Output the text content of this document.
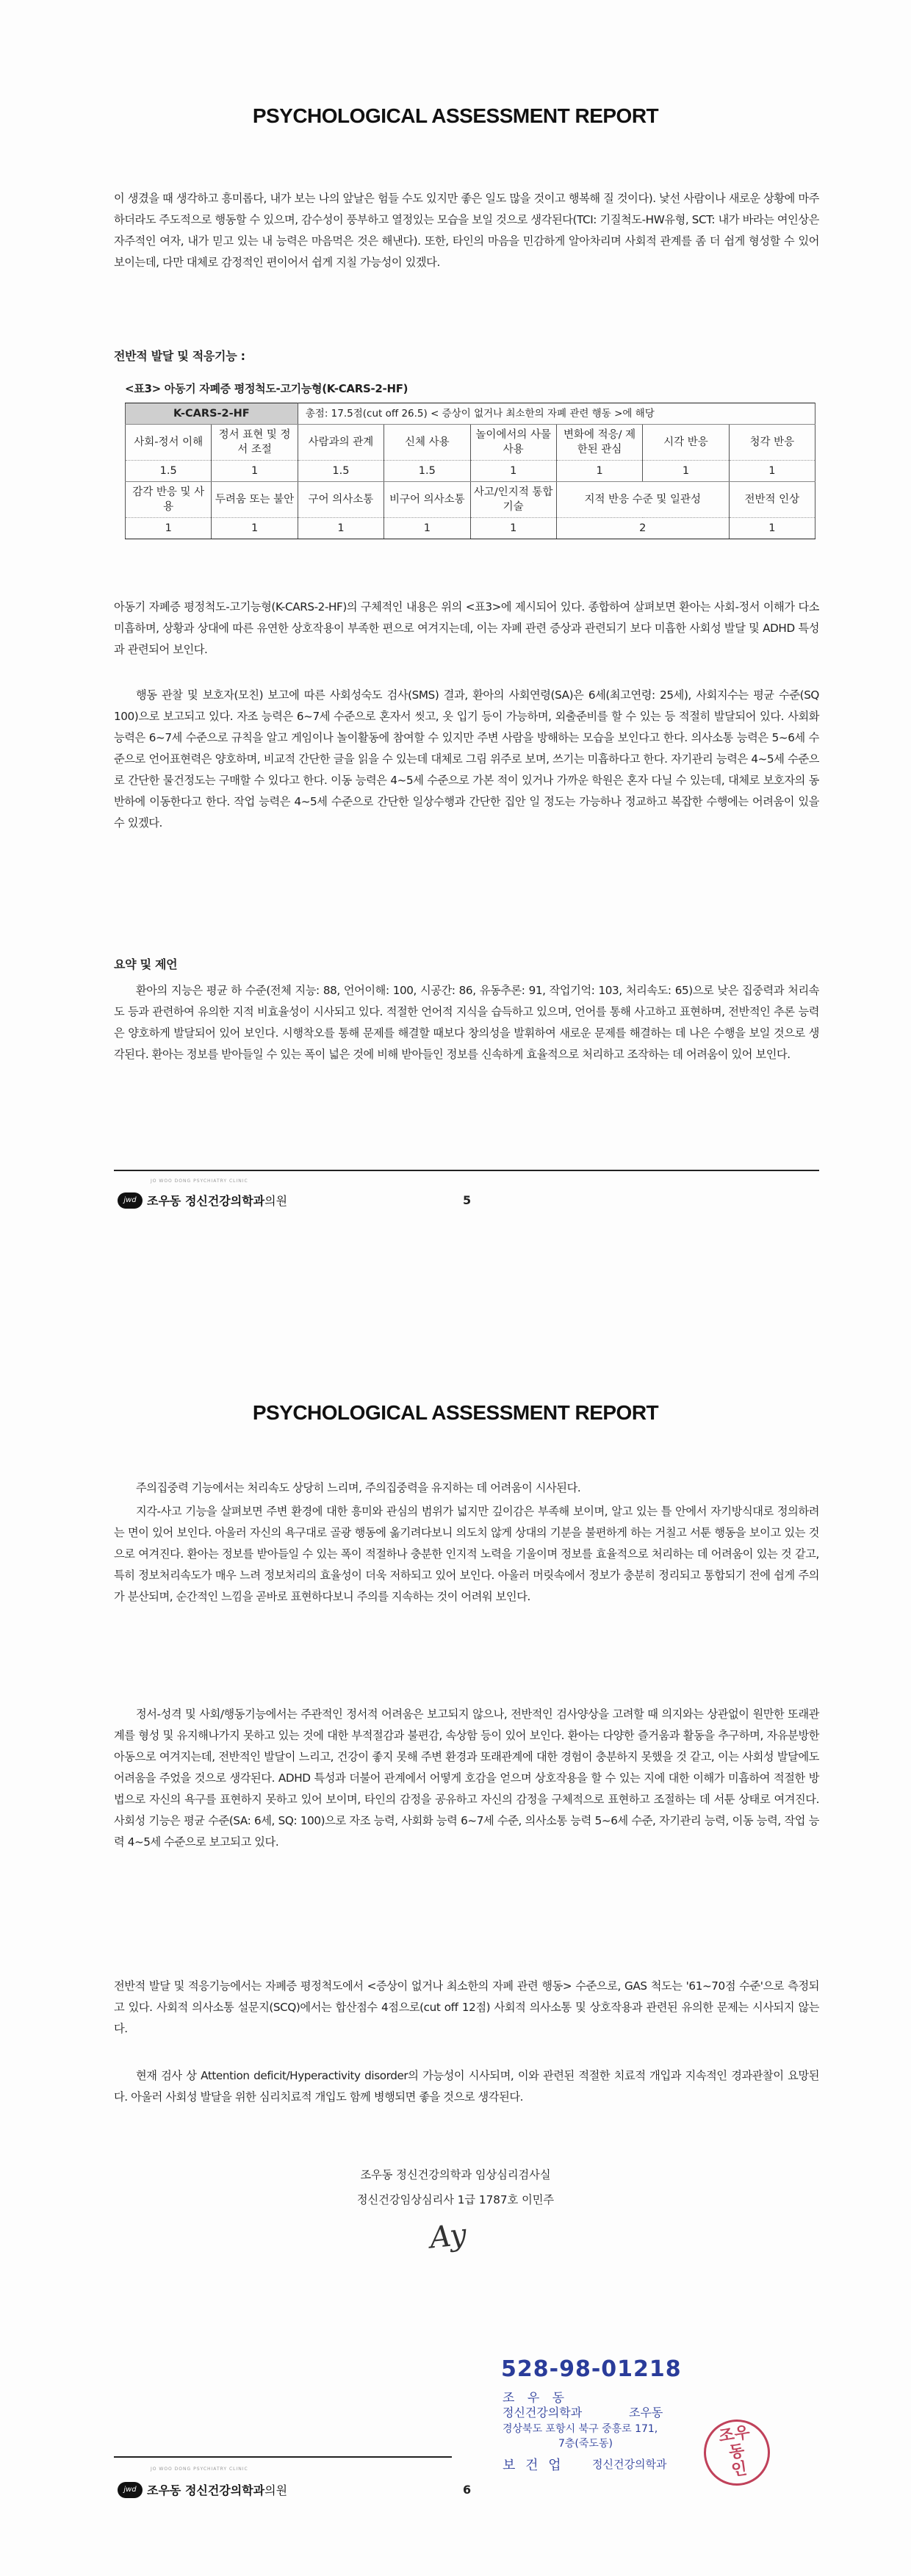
PSYCHOLOGICAL ASSESSMENT REPORT

이 생겼을 때 생각하고 흥미롭다, 내가 보는 나의 앞날은 험들 수도 있지만 좋은 일도 많을 것이고 행복해 질 것이다). 낯선 사람이나 새로운 상황에 마주하더라도 주도적으로 행동할 수 있으며, 감수성이 풍부하고 열정있는 모습을 보일 것으로 생각된다(TCI: 기질척도-HW유형, SCT: 내가 바라는 여인상은 자주적인 여자, 내가 믿고 있는 내 능력은 마음먹은 것은 해낸다). 또한, 타인의 마음을 민감하게 알아차리며 사회적 관계를 좀 더 쉽게 형성할 수 있어 보이는데, 다만 대체로 감정적인 편이어서 쉽게 지칠 가능성이 있겠다.

전반적 발달 및 적응기능 :

<표3> 아동기 자폐증 평정척도-고기능형(K-CARS-2-HF)

K-CARS-2-HF		총점: 17.5점(cut off 26.5) < 증상이 없거나 최소한의 자폐 관련 행동 >에 해당					
사회-정서 이해	정서 표현 및 정서 조절	사람과의 관계	신체 사용	놀이에서의 사물사용	변화에 적응/ 제한된 관심	시각 반응	청각 반응
1.5	1	1.5	1.5	1	1	1	1
감각 반응 및 사용	두려움 또는 불안	구어 의사소통	비구어 의사소통	사고/인지적 통합기술	지적 반응 수준 및 일관성		전반적 인상
1	1	1	1	1	2		1

아동기 자폐증 평정척도-고기능형(K-CARS-2-HF)의 구체적인 내용은 위의 <표3>에 제시되어 있다. 종합하여 살펴보면 환아는 사회-정서 이해가 다소 미흡하며, 상황과 상대에 따른 유연한 상호작용이 부족한 편으로 여겨지는데, 이는 자폐 관련 증상과 관련되기 보다 미흡한 사회성 발달 및 ADHD 특성과 관련되어 보인다.

행동 관찰 및 보호자(모친) 보고에 따른 사회성숙도 검사(SMS) 결과, 환아의 사회연령(SA)은 6세(최고연령: 25세), 사회지수는 평균 수준(SQ 100)으로 보고되고 있다. 자조 능력은 6~7세 수준으로 혼자서 씻고, 옷 입기 등이 가능하며, 외출준비를 할 수 있는 등 적절히 발달되어 있다. 사회화 능력은 6~7세 수준으로 규칙을 알고 게임이나 놀이활동에 참여할 수 있지만 주변 사람을 방해하는 모습을 보인다고 한다. 의사소통 능력은 5~6세 수준으로 언어표현력은 양호하며, 비교적 간단한 글을 읽을 수 있는데 대체로 그림 위주로 보며, 쓰기는 미흡하다고 한다. 자기관리 능력은 4~5세 수준으로 간단한 물건정도는 구매할 수 있다고 한다. 이동 능력은 4~5세 수준으로 가본 적이 있거나 가까운 학원은 혼자 다닐 수 있는데, 대체로 보호자의 동반하에 이동한다고 한다. 작업 능력은 4~5세 수준으로 간단한 일상수행과 간단한 집안 일 정도는 가능하나 정교하고 복잡한 수행에는 어려움이 있을 수 있겠다.

요약 및 제언

환아의 지능은 평균 하 수준(전체 지능: 88, 언어이해: 100, 시공간: 86, 유동추론: 91, 작업기억: 103, 처리속도: 65)으로 낮은 집중력과 처리속도 등과 관련하여 유의한 지적 비효율성이 시사되고 있다. 적절한 언어적 지식을 습득하고 있으며, 언어를 통해 사고하고 표현하며, 전반적인 추론 능력은 양호하게 발달되어 있어 보인다. 시행착오를 통해 문제를 해결할 때보다 창의성을 발휘하여 새로운 문제를 해결하는 데 나은 수행을 보일 것으로 생각된다. 환아는 정보를 받아들일 수 있는 폭이 넓은 것에 비해 받아들인 정보를 신속하게 효율적으로 처리하고 조작하는 데 어려움이 있어 보인다.

JO WOO DONG PSYCHIATRY CLINIC
jwd 조우동 정신건강의학과의원	5
PSYCHOLOGICAL ASSESSMENT REPORT

주의집중력 기능에서는 처리속도 상당히 느리며, 주의집중력을 유지하는 데 어려움이 시사된다.

지각-사고 기능을 살펴보면 주변 환경에 대한 흥미와 관심의 범위가 넓지만 깊이감은 부족해 보이며, 알고 있는 틀 안에서 자기방식대로 정의하려는 면이 있어 보인다. 아울러 자신의 욕구대로 골광 행동에 옮기려다보니 의도치 않게 상대의 기분을 불편하게 하는 거칠고 서툰 행동을 보이고 있는 것으로 여겨진다. 환아는 정보를 받아들일 수 있는 폭이 적절하나 충분한 인지적 노력을 기울이며 정보를 효율적으로 처리하는 데 어려움이 있는 것 같고, 특히 정보처리속도가 매우 느려 정보처리의 효율성이 더욱 저하되고 있어 보인다. 아울러 머릿속에서 정보가 충분히 정리되고 통합되기 전에 쉽게 주의가 분산되며, 순간적인 느낌을 곧바로 표현하다보니 주의를 지속하는 것이 어려워 보인다.

정서-성격 및 사회/행동기능에서는 주관적인 정서적 어려움은 보고되지 않으나, 전반적인 검사양상을 고려할 때 의지와는 상관없이 원만한 또래관계를 형성 및 유지해나가지 못하고 있는 것에 대한 부적절감과 불편감, 속상함 등이 있어 보인다. 환아는 다양한 즐거움과 활동을 추구하며, 자유분방한 아동으로 여겨지는데, 전반적인 발달이 느리고, 건강이 좋지 못해 주변 환경과 또래관계에 대한 경험이 충분하지 못했을 것 같고, 이는 사회성 발달에도 어려움을 주었을 것으로 생각된다. ADHD 특성과 더불어 관계에서 어떻게 호감을 얻으며 상호작용을 할 수 있는 지에 대한 이해가 미흡하여 적절한 방법으로 자신의 욕구를 표현하지 못하고 있어 보이며, 타인의 감정을 공유하고 자신의 감정을 구체적으로 표현하고 조절하는 데 서툰 상태로 여겨진다. 사회성 기능은 평균 수준(SA: 6세, SQ: 100)으로 자조 능력, 사회화 능력 6~7세 수준, 의사소통 능력 5~6세 수준, 자기관리 능력, 이동 능력, 작업 능력 4~5세 수준으로 보고되고 있다.

전반적 발달 및 적응기능에서는 자폐증 평정척도에서 <증상이 없거나 최소한의 자폐 관련 행동> 수준으로, GAS 척도는 '61~70점 수준'으로 측정되고 있다. 사회적 의사소통 설문지(SCQ)에서는 합산점수 4점으로(cut off 12점) 사회적 의사소통 및 상호작용과 관련된 유의한 문제는 시사되지 않는다.

현재 검사 상 Attention deficit/Hyperactivity disorder의 가능성이 시사되며, 이와 관련된 적절한 치료적 개입과 지속적인 경과관찰이 요망된다. 아울러 사회성 발달을 위한 심리치료적 개입도 함께 병행되면 좋을 것으로 생각된다.

조우동 정신건강의학과 임상심리검사실

정신건강임상심리사 1급 1787호 이민주

Ay

528-98-01218

조 우 동

정신건강의학과	조우동

경상북도 포항시 북구 중흥로 171,

7층(죽도동)

보 건 업	정신건강의학과

조우동 인
JO WOO DONG PSYCHIATRY CLINIC
jwd 조우동 정신건강의학과의원	6
